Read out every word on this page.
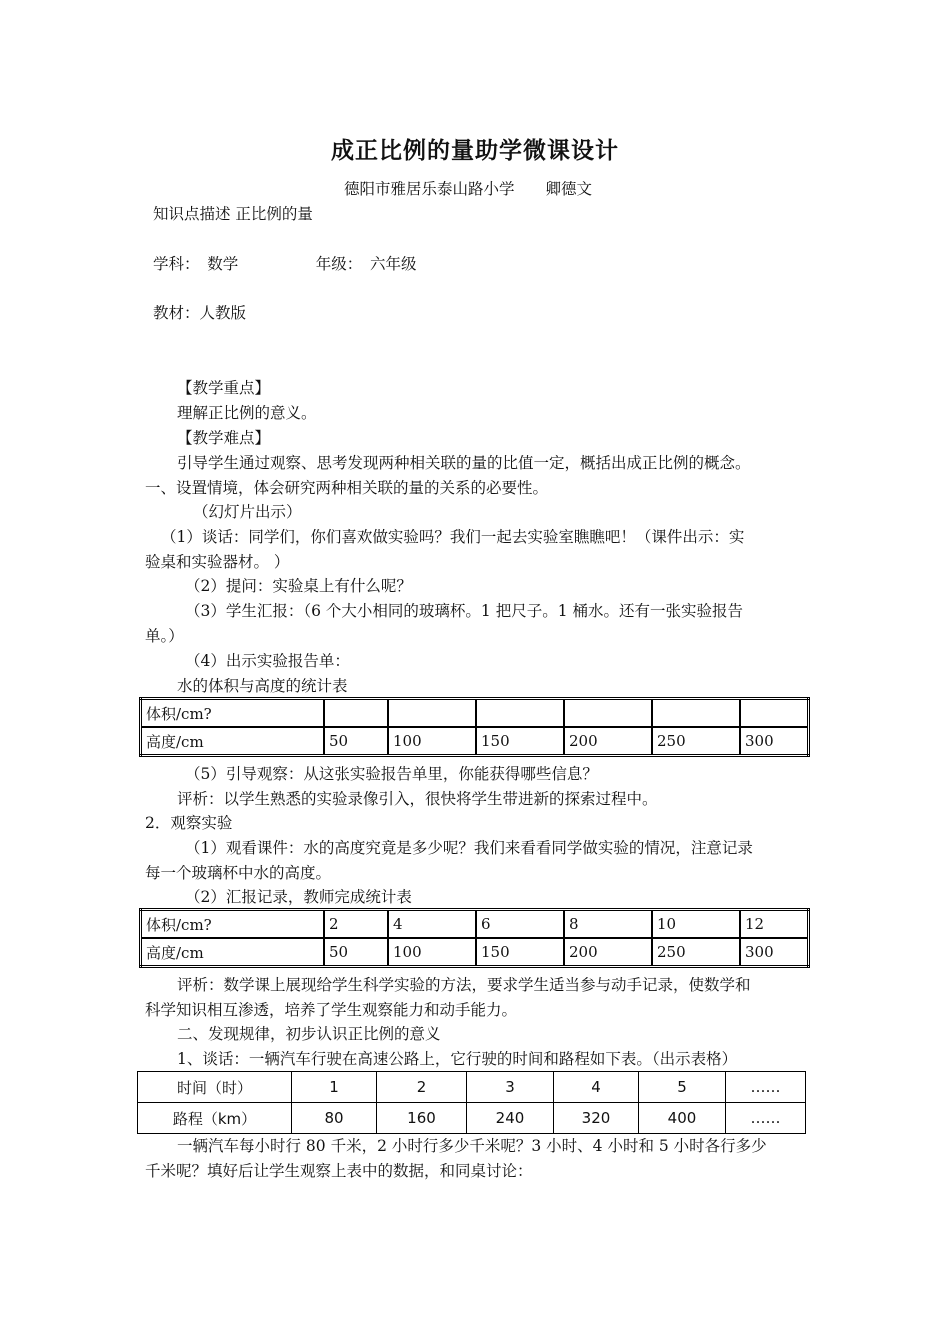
成正比例的量助学微课设计
德阳市雅居乐泰山路小学　　卿德文
知识点描述 正比例的量
学科：　数学　　　　　年级：　六年级
教材：人教版
【教学重点】
理解正比例的意义。
【教学难点】
引导学生通过观察、思考发现两种相关联的量的比值一定，概括出成正比例的概念。
一、设置情境，体会研究两种相关联的量的关系的必要性。
（幻灯片出示）
（1）谈话：同学们，你们喜欢做实验吗？我们一起去实验室瞧瞧吧！（课件出示：实
验桌和实验器材。 ）
（2）提问：实验桌上有什么呢？
（3）学生汇报：（6 个大小相同的玻璃杯。1 把尺子。1 桶水。还有一张实验报告
单。）
（4）出示实验报告单：
水的体积与高度的统计表
体积/cm?						
高度/cm	50	100	150	200	250	300
（5）引导观察：从这张实验报告单里，你能获得哪些信息？
评析：以学生熟悉的实验录像引入，很快将学生带进新的探索过程中。
2．观察实验
（1）观看课件：水的高度究竟是多少呢？我们来看看同学做实验的情况，注意记录
每一个玻璃杯中水的高度。
（2）汇报记录，教师完成统计表
体积/cm?	2	4	6	8	10	12
高度/cm	50	100	150	200	250	300
评析：数学课上展现给学生科学实验的方法，要求学生适当参与动手记录，使数学和
科学知识相互渗透，培养了学生观察能力和动手能力。
二、发现规律，初步认识正比例的意义
1、谈话：一辆汽车行驶在高速公路上，它行驶的时间和路程如下表。（出示表格）
时间（时）	1	2	3	4	5	……
路程（km）	80	160	240	320	400	……
一辆汽车每小时行 80 千米，2 小时行多少千米呢？3 小时、4 小时和 5 小时各行多少
千米呢？填好后让学生观察上表中的数据，和同桌讨论：
